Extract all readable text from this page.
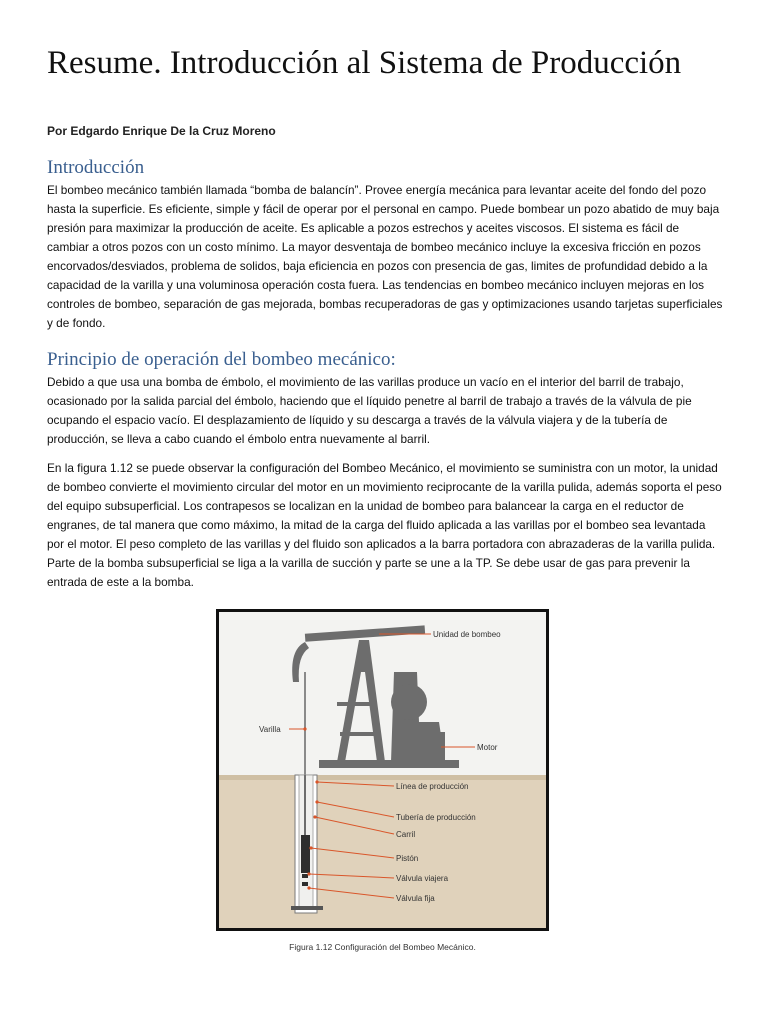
Resume. Introducción al Sistema de Producción

Por Edgardo Enrique De la Cruz Moreno

Introducción

El bombeo mecánico también llamada “bomba de balancín”. Provee energía mecánica para levantar aceite del fondo del pozo hasta la superficie. Es eficiente, simple y fácil de operar por el personal en campo. Puede bombear un pozo abatido de muy baja presión para maximizar la producción de aceite. Es aplicable a pozos estrechos y aceites viscosos. El sistema es fácil de cambiar a otros pozos con un costo mínimo. La mayor desventaja de bombeo mecánico incluye la excesiva fricción en pozos encorvados/desviados, problema de solidos, baja eficiencia en pozos con presencia de gas, limites de profundidad debido a la capacidad de la varilla y una voluminosa operación costa fuera. Las tendencias en bombeo mecánico incluyen mejoras en los controles de bombeo, separación de gas mejorada, bombas recuperadoras de gas y optimizaciones usando tarjetas superficiales y de fondo.

Principio de operación del bombeo mecánico:

Debido a que usa una bomba de émbolo, el movimiento de las varillas produce un vacío en el interior del barril de trabajo, ocasionado por la salida parcial del émbolo, haciendo que el líquido penetre al barril de trabajo a través de la válvula de pie ocupando el espacio vacío. El desplazamiento de líquido y su descarga a través de la válvula viajera y de la tubería de producción, se lleva a cabo cuando el émbolo entra nuevamente al barril.

En la figura 1.12 se puede observar la configuración del Bombeo Mecánico, el movimiento se suministra con un motor, la unidad de bombeo convierte el movimiento circular del motor en un movimiento reciprocante de la varilla pulida, además soporta el peso del equipo subsuperficial. Los contrapesos se localizan en la unidad de bombeo para balancear la carga en el reductor de engranes, de tal manera que como máximo, la mitad de la carga del fluido aplicada a las varillas por el bombeo sea levantada por el motor. El peso completo de las varillas y del fluido son aplicados a la barra portadora con abrazaderas de la varilla pulida. Parte de la bomba subsuperficial se liga a la varilla de succión y parte se une a la TP. Se debe usar de gas para prevenir la entrada de este a la bomba.

Unidad de bombeo
Varilla
Motor
Línea de producción
Tubería de producción
Carril
Pistón
Válvula viajera
Válvula fija

Figura 1.12 Configuración del Bombeo Mecánico.
